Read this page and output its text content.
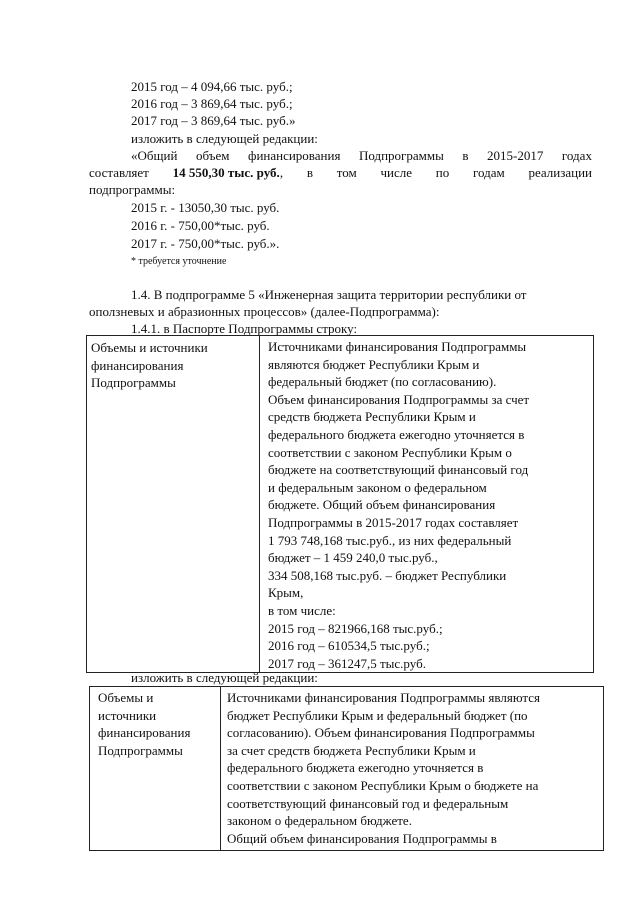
2015 год – 4 094,66 тыс. руб.;
2016 год – 3 869,64 тыс. руб.;
2017 год – 3 869,64 тыс. руб.»
изложить в следующей редакции:
«Общий объем финансирования Подпрограммы в 2015-2017 годах
составляет 14 550,30 тыс. руб., в том числе по годам реализации
подпрограммы:
2015 г. - 13050,30 тыс. руб.
2016 г. - 750,00*тыс. руб.
2017 г. - 750,00*тыс. руб.».
* требуется уточнение
1.4. В подпрограмме 5 «Инженерная защита территории республики от
оползневых и абразионных процессов» (далее-Подпрограмма):
1.4.1. в Паспорте Подпрограммы строку:
Объемы и источники
финансирования
Подпрограммы

Источниками финансирования Подпрограммы
являются бюджет Республики Крым и
федеральный бюджет (по согласованию).
Объем финансирования Подпрограммы за счет
средств бюджета Республики Крым и
федерального бюджета ежегодно уточняется в
соответствии с законом Республики Крым о
бюджете на соответствующий финансовый год
и федеральным законом о федеральном
бюджете. Общий объем финансирования
Подпрограммы в 2015-2017 годах составляет
1 793 748,168 тыс.руб., из них федеральный
бюджет – 1 459 240,0 тыс.руб.,
334 508,168 тыс.руб. – бюджет Республики
Крым,
в том числе:
2015 год – 821966,168 тыс.руб.;
2016 год – 610534,5 тыс.руб.;
2017 год – 361247,5 тыс.руб.
изложить в следующей редакции:
Объемы и
источники
финансирования
Подпрограммы

Источниками финансирования Подпрограммы являются
бюджет Республики Крым и федеральный бюджет (по
согласованию). Объем финансирования Подпрограммы
за счет средств бюджета Республики Крым и
федерального бюджета ежегодно уточняется в
соответствии с законом Республики Крым о бюджете на
соответствующий финансовый год и федеральным
законом о федеральном бюджете.
Общий объем финансирования Подпрограммы в
